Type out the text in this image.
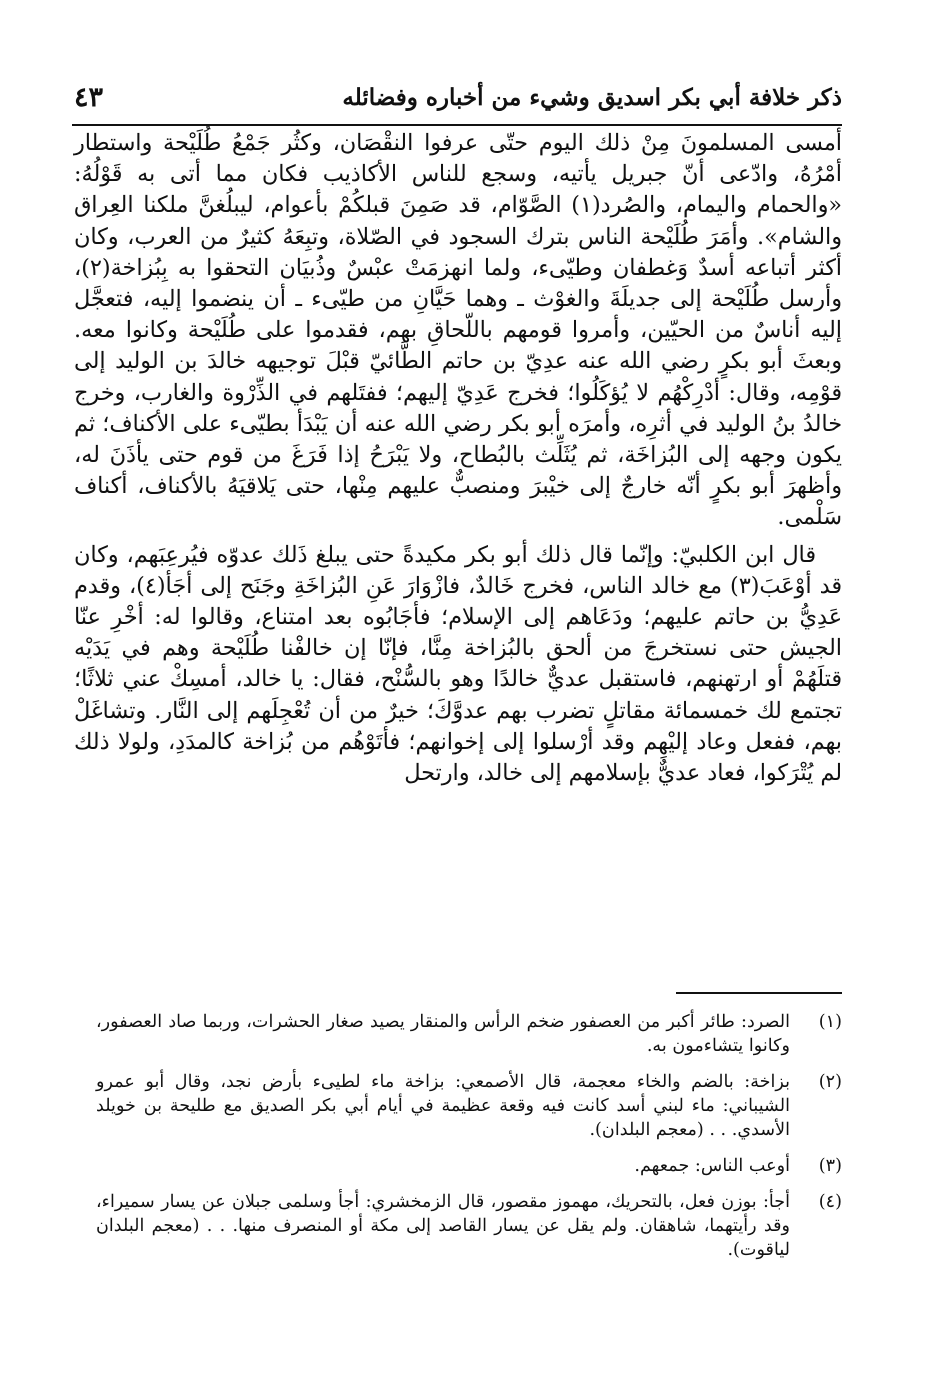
ذكر خلافة أبي بكر اسديق وشيء من أخباره وفضائله
٤٣

أمسى المسلمونَ مِنْ ذلك اليوم حتّى عرفوا النقْصَان، وكثُر جَمْعُ طُلَيْحة واستطار أمْرُهُ، وادّعى أنّ جبريل يأتيه، وسجع للناس الأكاذيب فكان مما أتى به قَوْلُهُ: «والحمام واليمام، والصُرد(١) الصَّوّام، قد صَمِنَ قبلكُمْ بأعوام، ليبلُغنَّ ملكنا العِراق والشام». وأمَرَ طُلَيْحة الناس بترك السجود في الصّلاة، وتبِعَهُ كثيرٌ من العرب، وكان أكثر أتباعه أسدٌ وَغطفان وطيّىء، ولما انهزمَتْ عبْسٌ وذُبيَان التحقوا به بِبُزاخة(٢)، وأرسل طُلَيْحة إلى جديلَةَ والغوْث ـ وهما حَيَّانِ من طيّىء ـ أن ينضموا إليه، فتعجَّل إليه أناسٌ من الحيّين، وأمروا قومهم باللّحاقِ بهم، فقدموا على طُلَيْحة وكانوا معه. وبعثَ أبو بكرٍ رضي الله عنه عدِيّ بن حاتم الطَّائيّ قبْلَ توجيهه خالدَ بن الوليد إلى قوْمِه، وقال: أدْرِكْهُم لا يُؤكَلُوا؛ فخرج عَدِيّ إليهم؛ ففتَلهم في الذِّرْوة والغارب، وخرج خالدُ بنُ الوليد في أثرِه، وأمرَه أبو بكر رضي الله عنه أن يَبْدَأ بطيّىء على الأكناف؛ ثم يكون وجهه إلى البُزاخَة، ثم يُثَلِّث بالبُطاح، ولا يَبْرَحُ إذا فَرَغَ من قوم حتى يأذَنَ له، وأظهرَ أبو بكرٍ أنّه خارجٌ إلى خيْبرَ ومنصبٌّ عليهم مِنْها، حتى يَلاقيَهُ بالأكناف، أكناف سَلْمى.

قال ابن الكلبيّ: وإنّما قال ذلك أبو بكر مكيدةً حتى يبلغ ذَلك عدوّه فيُرعِبَهم، وكان قد أوْعَبَ(٣) مع خالد الناس، فخرج خَالدٌ، فازْوَارَ عَنِ البُزاخَةِ وجَنَح إلى أجَأ(٤)، وقدم عَدِيُّ بن حاتم عليهم؛ ودَعَاهم إلى الإسلام؛ فأجَابُوه بعد امتناع، وقالوا له: أخْرِ عنّا الجيش حتى نستخرجَ من ألحق بالبُزاخة مِنَّا، فإنّا إن خالفْنا طُلَيْحة وهم في يَدَيْه قتلَهُمْ أو ارتهنهم، فاستقبل عديٌّ خالدًا وهو بالسُّنْح، فقال: يا خالد، أمسِكْ عني ثلاثًا؛ تجتمع لك خمسمائة مقاتلٍ تضرب بهم عدوَّكَ؛ خيرٌ من أن تُعْجِلَهم إلى النَّار. وتشاغَلْ بهم، ففعل وعاد إليْهِم وقد أرْسلوا إلى إخوانهم؛ فأتَوْهُم من بُزاخة كالمدَدِ، ولولا ذلك لم يُتْرَكوا، فعاد عديٌّ بإسلامهم إلى خالد، وارتحل

(١)
الصرد: طائر أكبر من العصفور ضخم الرأس والمنقار يصيد صغار الحشرات، وربما صاد العصفور، وكانوا يتشاءمون به.
(٢)
بزاخة: بالضم والخاء معجمة، قال الأصمعي: بزاخة ماء لطيىء بأرض نجد، وقال أبو عمرو الشيباني: ماء لبني أسد كانت فيه وقعة عظيمة في أيام أبي بكر الصديق مع طليحة بن خويلد الأسدي. . . (معجم البلدان).
(٣)
أوعب الناس: جمعهم.
(٤)
أجأ: بوزن فعل، بالتحريك، مهموز مقصور، قال الزمخشري: أجأ وسلمى جبلان عن يسار سميراء، وقد رأيتهما، شاهقان. ولم يقل عن يسار القاصد إلى مكة أو المنصرف منها. . . (معجم البلدان لياقوت).
